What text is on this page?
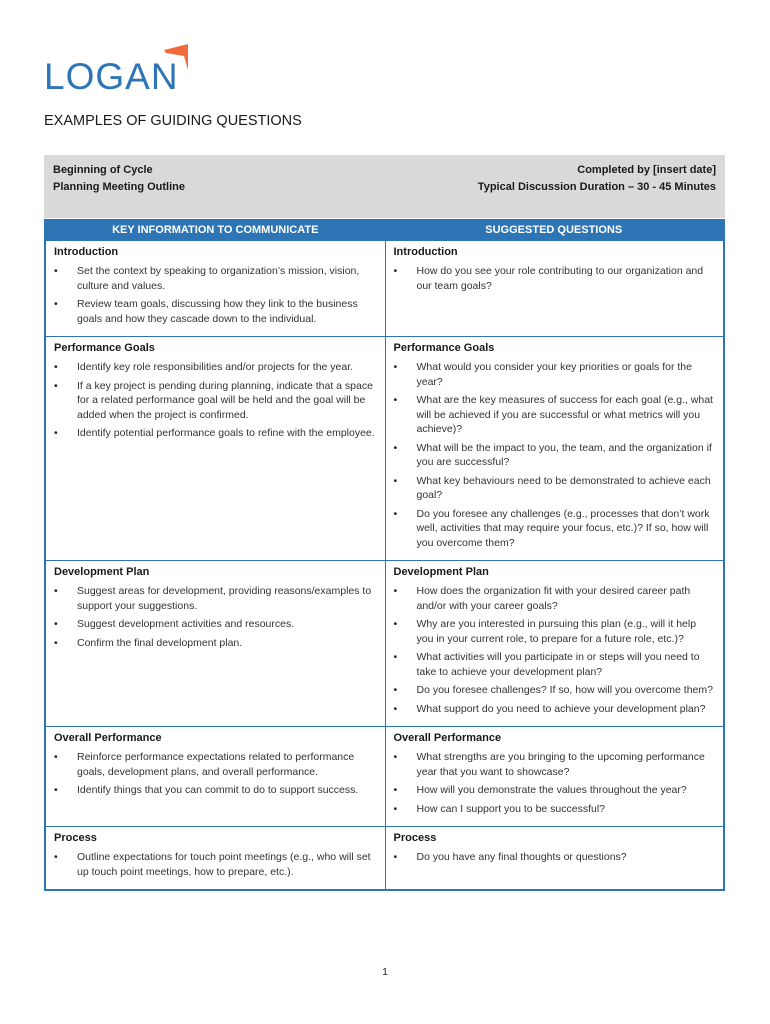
LOGAN
EXAMPLES OF GUIDING QUESTIONS
Beginning of Cycle
Planning Meeting Outline
Completed by [insert date]
Typical Discussion Duration – 30 - 45 Minutes
KEY INFORMATION TO COMMUNICATE	SUGGESTED QUESTIONS
Introduction
• Set the context by speaking to organization’s mission, vision, culture and values.
• Review team goals, discussing how they link to the business goals and how they cascade down to the individual.
Introduction
• How do you see your role contributing to our organization and our team goals?
Performance Goals
• Identify key role responsibilities and/or projects for the year.
• If a key project is pending during planning, indicate that a space for a related performance goal will be held and the goal will be added when the project is confirmed.
• Identify potential performance goals to refine with the employee.
Performance Goals
• What would you consider your key priorities or goals for the year?
• What are the key measures of success for each goal (e.g., what will be achieved if you are successful or what metrics will you achieve)?
• What will be the impact to you, the team, and the organization if you are successful?
• What key behaviours need to be demonstrated to achieve each goal?
• Do you foresee any challenges (e.g., processes that don’t work well, activities that may require your focus, etc.)? If so, how will you overcome them?
Development Plan
• Suggest areas for development, providing reasons/examples to support your suggestions.
• Suggest development activities and resources.
• Confirm the final development plan.
Development Plan
• How does the organization fit with your desired career path and/or with your career goals?
• Why are you interested in pursuing this plan (e.g., will it help you in your current role, to prepare for a future role, etc.)?
• What activities will you participate in or steps will you need to take to achieve your development plan?
• Do you foresee challenges? If so, how will you overcome them?
• What support do you need to achieve your development plan?
Overall Performance
• Reinforce performance expectations related to performance goals, development plans, and overall performance.
• Identify things that you can commit to do to support success.
Overall Performance
• What strengths are you bringing to the upcoming performance year that you want to showcase?
• How will you demonstrate the values throughout the year?
• How can I support you to be successful?
Process
• Outline expectations for touch point meetings (e.g., who will set up touch point meetings, how to prepare, etc.).
Process
• Do you have any final thoughts or questions?
1
